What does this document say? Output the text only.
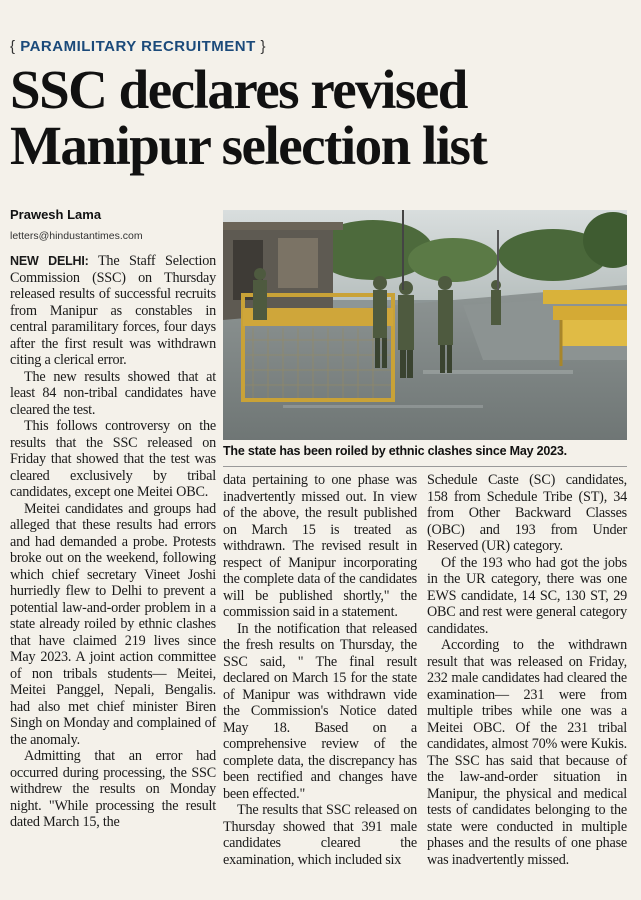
{ PARAMILITARY RECRUITMENT }
SSC declares revised
Manipur selection list
Prawesh Lama
letters@hindustantimes.com

NEW DELHI: The Staff Selection Commission (SSC) on Thursday released results of successful recruits from Manipur as constables in central paramilitary forces, four days after the first result was withdrawn citing a clerical error.

The new results showed that at least 84 non-tribal candidates have cleared the test.

This follows controversy on the results that the SSC released on Friday that showed that the test was cleared exclusively by tribal candidates, except one Meitei OBC.

Meitei candidates and groups had alleged that these results had errors and had demanded a probe. Protests broke out on the weekend, following which chief secretary Vineet Joshi hurriedly flew to Delhi to prevent a potential law-and-order problem in a state already roiled by ethnic clashes that have claimed 219 lives since May 2023. A joint action committee of non tribals students— Meitei, Meitei Panggel, Nepali, Bengalis. had also met chief minister Biren Singh on Monday and complained of the anomaly.

Admitting that an error had occurred during processing, the SSC withdrew the results on Monday night. "While processing the result dated March 15, the

The state has been roiled by ethnic clashes since May 2023.

data pertaining to one phase was inadvertently missed out. In view of the above, the result published on March 15 is treated as withdrawn. The revised result in respect of Manipur incorporating the complete data of the candidates will be published shortly," the commission said in a statement.

In the notification that released the fresh results on Thursday, the SSC said, " The final result declared on March 15 for the state of Manipur was withdrawn vide the Commission's Notice dated May 18. Based on a comprehensive review of the complete data, the discrepancy has been rectified and changes have been effected."

The results that SSC released on Thursday showed that 391 male candidates cleared the examination, which included six

Schedule Caste (SC) candidates, 158 from Schedule Tribe (ST), 34 from Other Backward Classes (OBC) and 193 from Under Reserved (UR) category.

Of the 193 who had got the jobs in the UR category, there was one EWS candidate, 14 SC, 130 ST, 29 OBC and rest were general category candidates.

According to the withdrawn result that was released on Friday, 232 male candidates had cleared the examination— 231 were from multiple tribes while one was a Meitei OBC. Of the 231 tribal candidates, almost 70% were Kukis. The SSC has said that because of the law-and-order situation in Manipur, the physical and medical tests of candidates belonging to the state were conducted in multiple phases and the results of one phase was inadvertently missed.
